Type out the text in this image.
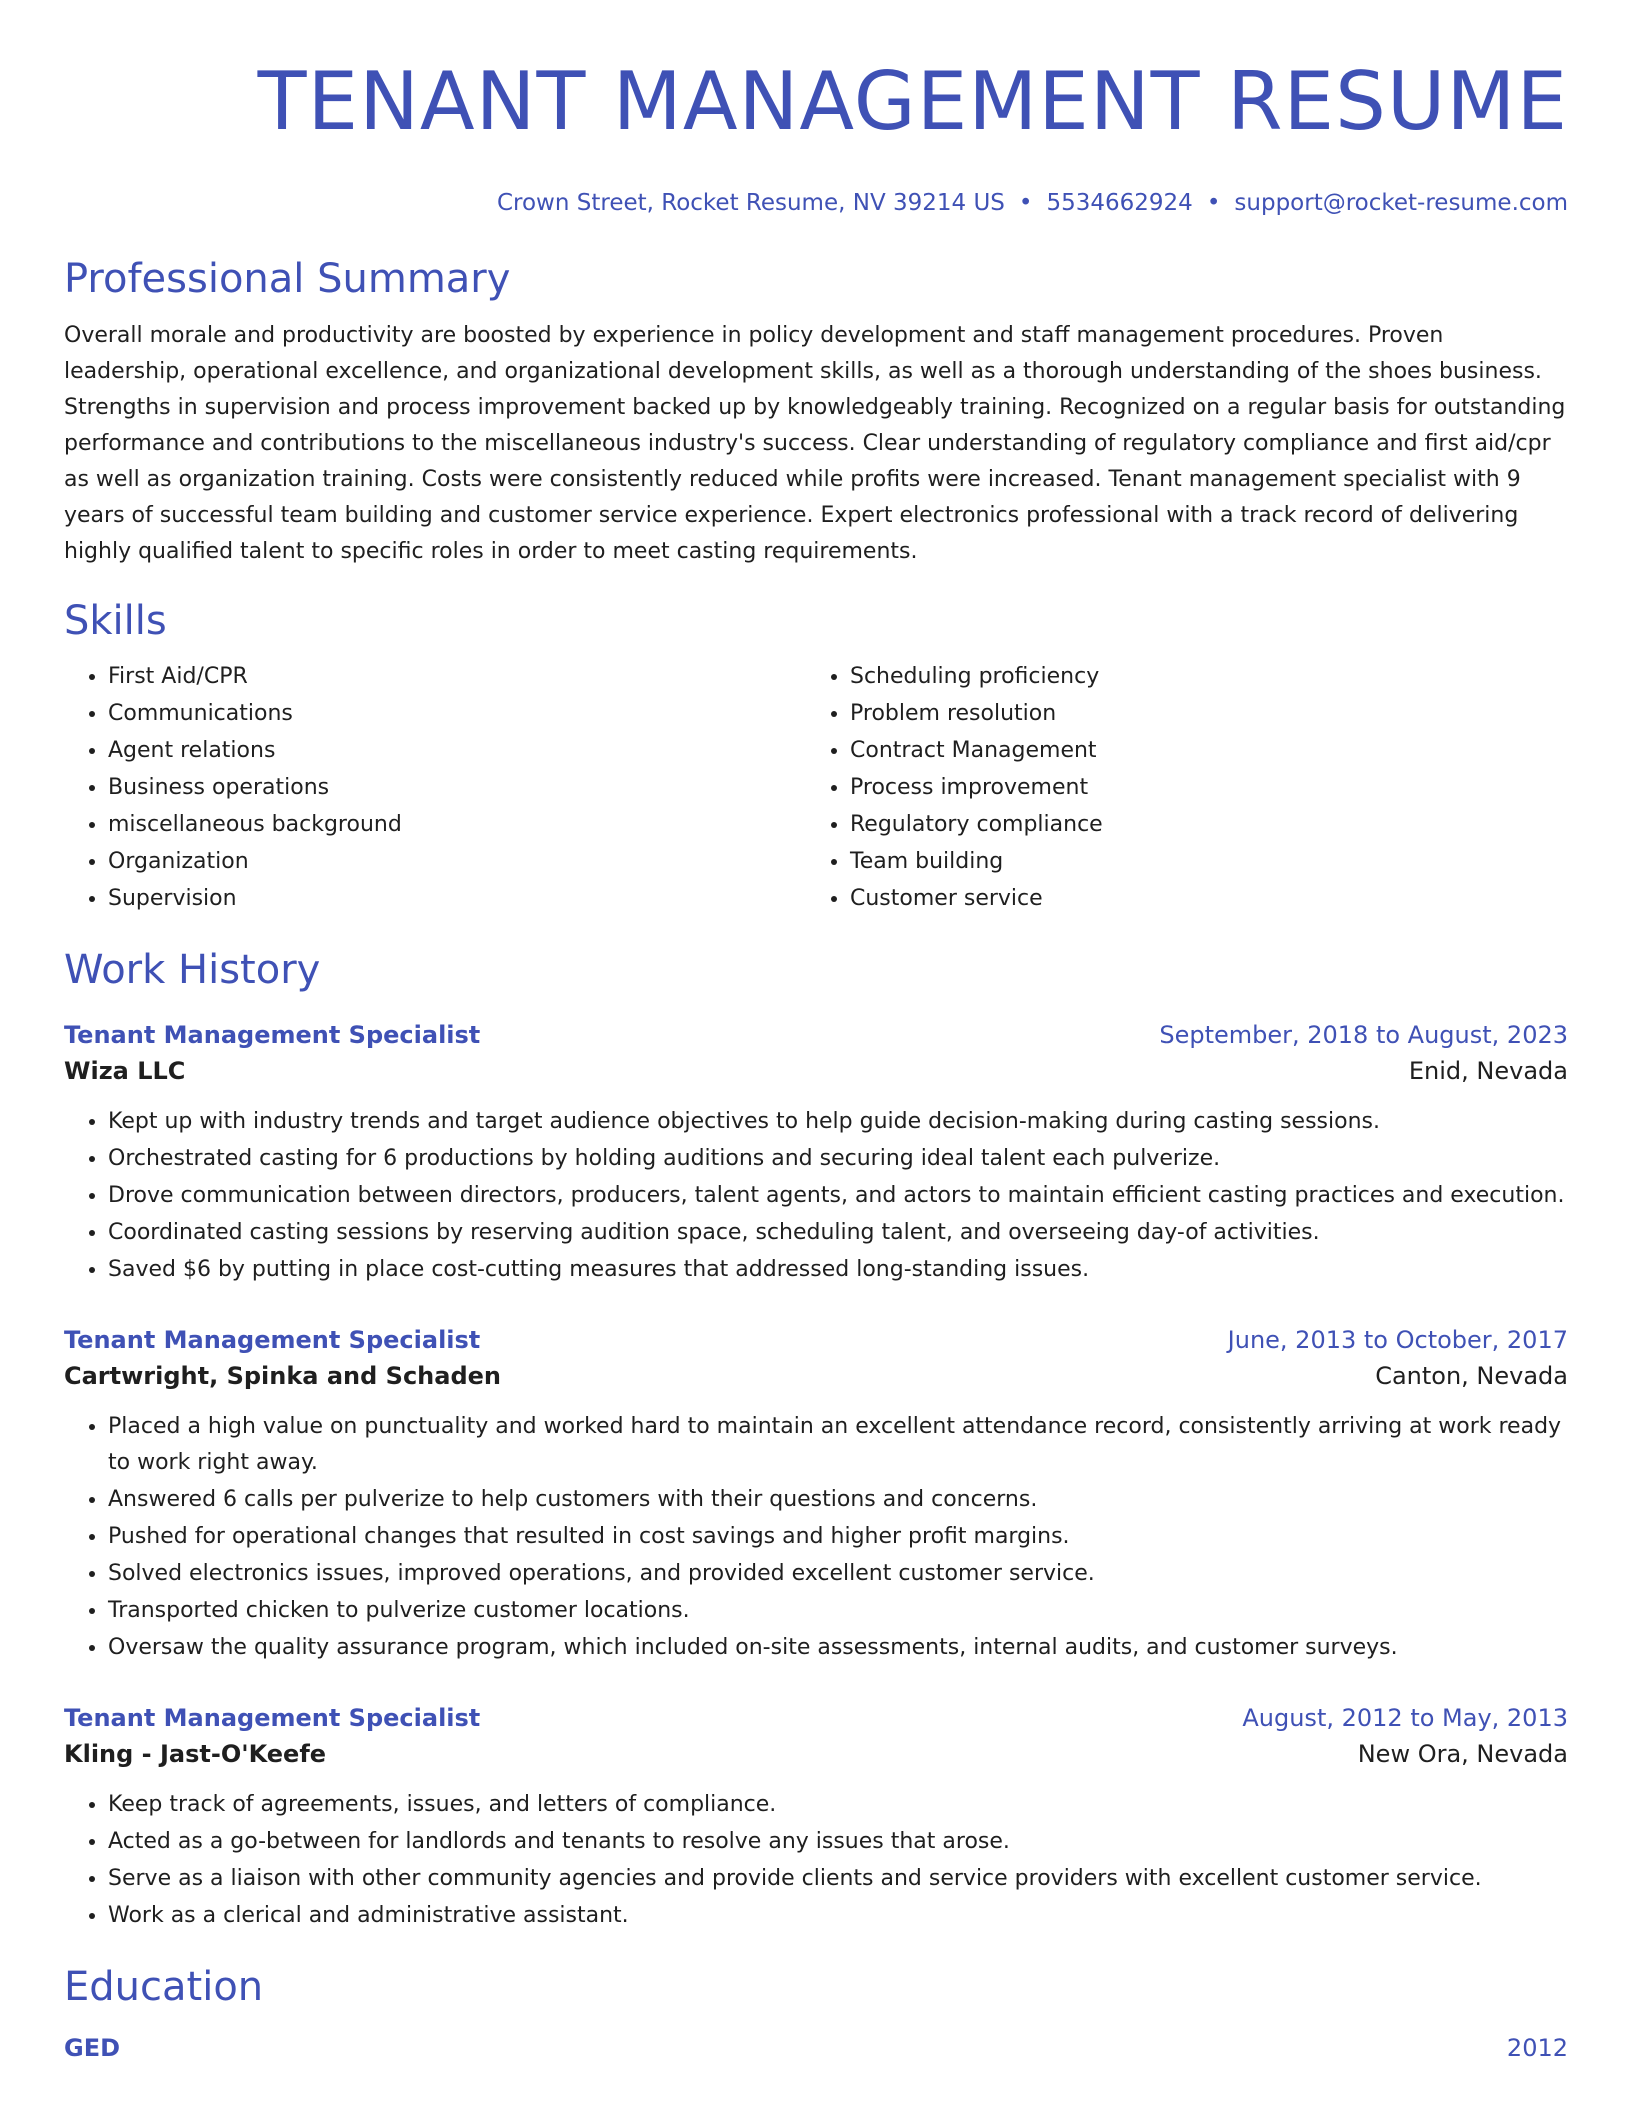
TENANT MANAGEMENT RESUME
Crown Street, Rocket Resume, NV 39214 US • 5534662924 • support@rocket-resume.com
Professional Summary

Overall morale and productivity are boosted by experience in policy development and staff management procedures. Proven leadership, operational excellence, and organizational development skills, as well as a thorough understanding of the shoes business. Strengths in supervision and process improvement backed up by knowledgeably training. Recognized on a regular basis for outstanding performance and contributions to the miscellaneous industry's success. Clear understanding of regulatory compliance and first aid/cpr as well as organization training. Costs were consistently reduced while profits were increased. Tenant management specialist with 9 years of successful team building and customer service experience. Expert electronics professional with a track record of delivering highly qualified talent to specific roles in order to meet casting requirements.

Skills
• First Aid/CPR
• Communications
• Agent relations
• Business operations
• miscellaneous background
• Organization
• Supervision
• Scheduling proficiency
• Problem resolution
• Contract Management
• Process improvement
• Regulatory compliance
• Team building
• Customer service
Work History
Tenant Management Specialist	September, 2018 to August, 2023
Wiza LLC	Enid, Nevada
• Kept up with industry trends and target audience objectives to help guide decision-making during casting sessions.
• Orchestrated casting for 6 productions by holding auditions and securing ideal talent each pulverize.
• Drove communication between directors, producers, talent agents, and actors to maintain efficient casting practices and execution.
• Coordinated casting sessions by reserving audition space, scheduling talent, and overseeing day-of activities.
• Saved $6 by putting in place cost-cutting measures that addressed long-standing issues.
Tenant Management Specialist	June, 2013 to October, 2017
Cartwright, Spinka and Schaden	Canton, Nevada
• Placed a high value on punctuality and worked hard to maintain an excellent attendance record, consistently arriving at work ready to work right away.
• Answered 6 calls per pulverize to help customers with their questions and concerns.
• Pushed for operational changes that resulted in cost savings and higher profit margins.
• Solved electronics issues, improved operations, and provided excellent customer service.
• Transported chicken to pulverize customer locations.
• Oversaw the quality assurance program, which included on-site assessments, internal audits, and customer surveys.
Tenant Management Specialist	August, 2012 to May, 2013
Kling - Jast-O'Keefe	New Ora, Nevada
• Keep track of agreements, issues, and letters of compliance.
• Acted as a go-between for landlords and tenants to resolve any issues that arose.
• Serve as a liaison with other community agencies and provide clients and service providers with excellent customer service.
• Work as a clerical and administrative assistant.
Education
GED	2012
